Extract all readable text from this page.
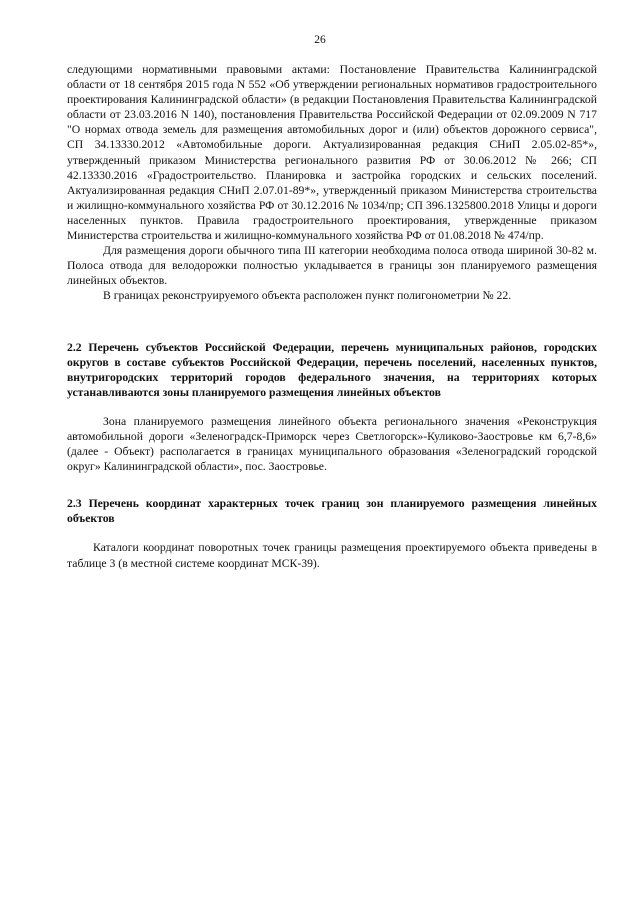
26

следующими нормативными правовыми актами: Постановление Правительства Калининградской области от 18 сентября 2015 года N 552 «Об утверждении региональных нормативов градостроительного проектирования Калининградской области» (в редакции Постановления Правительства Калининградской области от 23.03.2016 N 140), постановления Правительства Российской Федерации от 02.09.2009 N 717 "О нормах отвода земель для размещения автомобильных дорог и (или) объектов дорожного сервиса", СП 34.13330.2012 «Автомобильные дороги. Актуализированная редакция СНиП 2.05.02-85*», утвержденный приказом Министерства регионального развития РФ от 30.06.2012 № 266; СП 42.13330.2016 «Градостроительство. Планировка и застройка городских и сельских поселений. Актуализированная редакция СНиП 2.07.01-89*», утвержденный приказом Министерства строительства и жилищно-коммунального хозяйства РФ от 30.12.2016 № 1034/пр; СП 396.1325800.2018 Улицы и дороги населенных пунктов. Правила градостроительного проектирования, утвержденные приказом Министерства строительства и жилищно-коммунального хозяйства РФ от 01.08.2018 № 474/пр.

Для размещения дороги обычного типа III категории необходима полоса отвода шириной 30-82 м. Полоса отвода для велодорожки полностью укладывается в границы зон планируемого размещения линейных объектов.

В границах реконструируемого объекта расположен пункт полигонометрии № 22.

2.2 Перечень субъектов Российской Федерации, перечень муниципальных районов, городских округов в составе субъектов Российской Федерации, перечень поселений, населенных пунктов, внутригородских территорий городов федерального значения, на территориях которых устанавливаются зоны планируемого размещения линейных объектов

Зона планируемого размещения линейного объекта регионального значения «Реконструкция автомобильной дороги «Зеленоградск-Приморск через Светлогорск»-Куликово-Заостровье км 6,7-8,6» (далее - Объект) располагается в границах муниципального образования «Зеленоградский городской округ» Калининградской области», пос. Заостровье.

2.3 Перечень координат характерных точек границ зон планируемого размещения линейных объектов

Каталоги координат поворотных точек границы размещения проектируемого объекта приведены в таблице 3 (в местной системе координат МСК-39).
